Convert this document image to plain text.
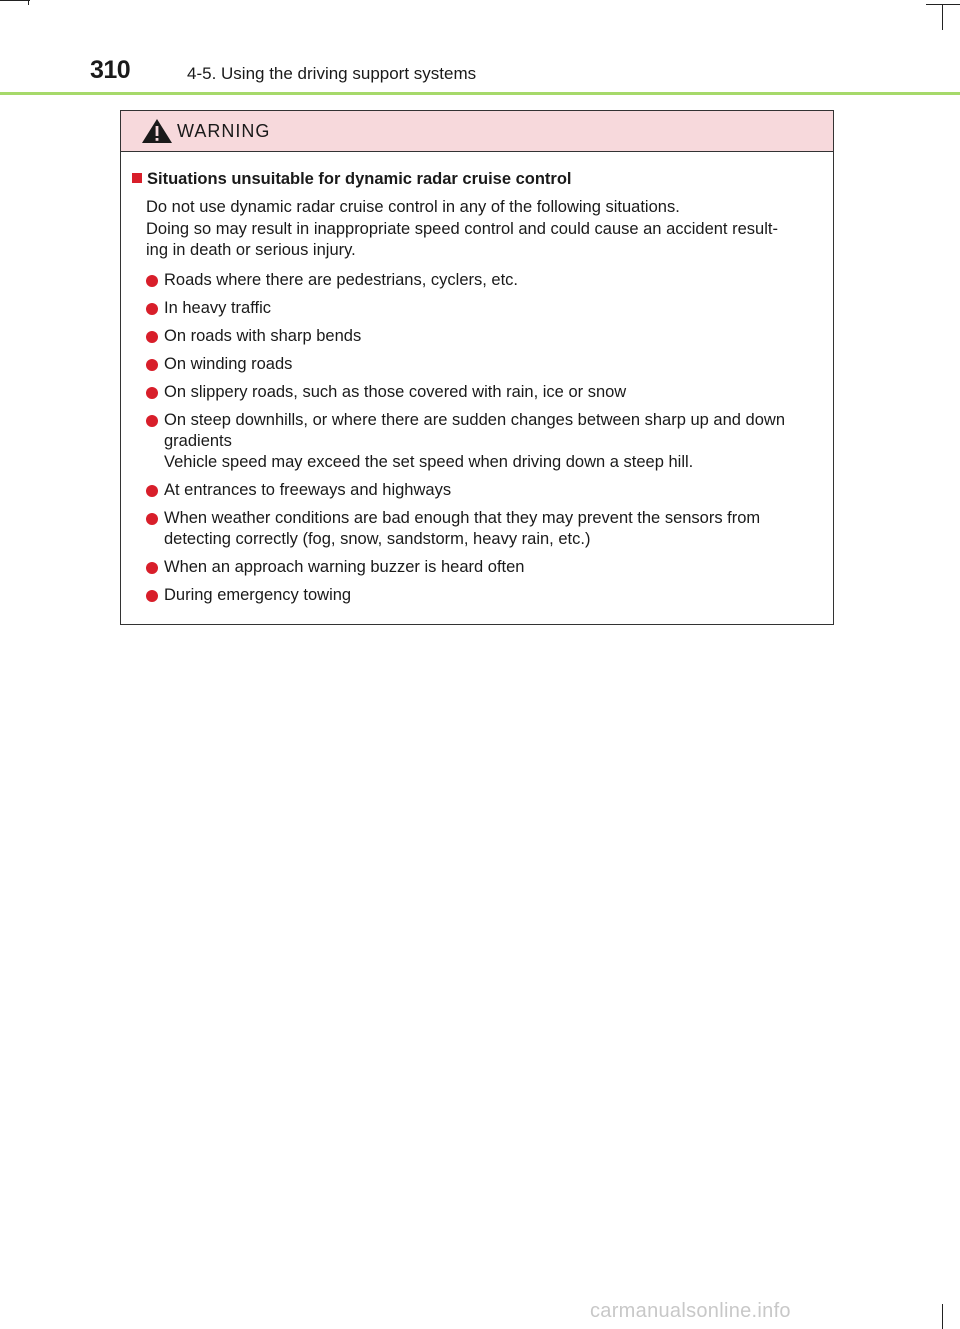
310	4-5. Using the driving support systems
WARNING
Situations unsuitable for dynamic radar cruise control

Do not use dynamic radar cruise control in any of the following situations.

Doing so may result in inappropriate speed control and could cause an accident result-

ing in death or serious injury.

Roads where there are pedestrians, cyclers, etc.
In heavy traffic
On roads with sharp bends
On winding roads
On slippery roads, such as those covered with rain, ice or snow
On steep downhills, or where there are sudden changes between sharp up and down
gradients
Vehicle speed may exceed the set speed when driving down a steep hill.
At entrances to freeways and highways
When weather conditions are bad enough that they may prevent the sensors from
detecting correctly (fog, snow, sandstorm, heavy rain, etc.)
When an approach warning buzzer is heard often
During emergency towing
carmanualsonline.info
